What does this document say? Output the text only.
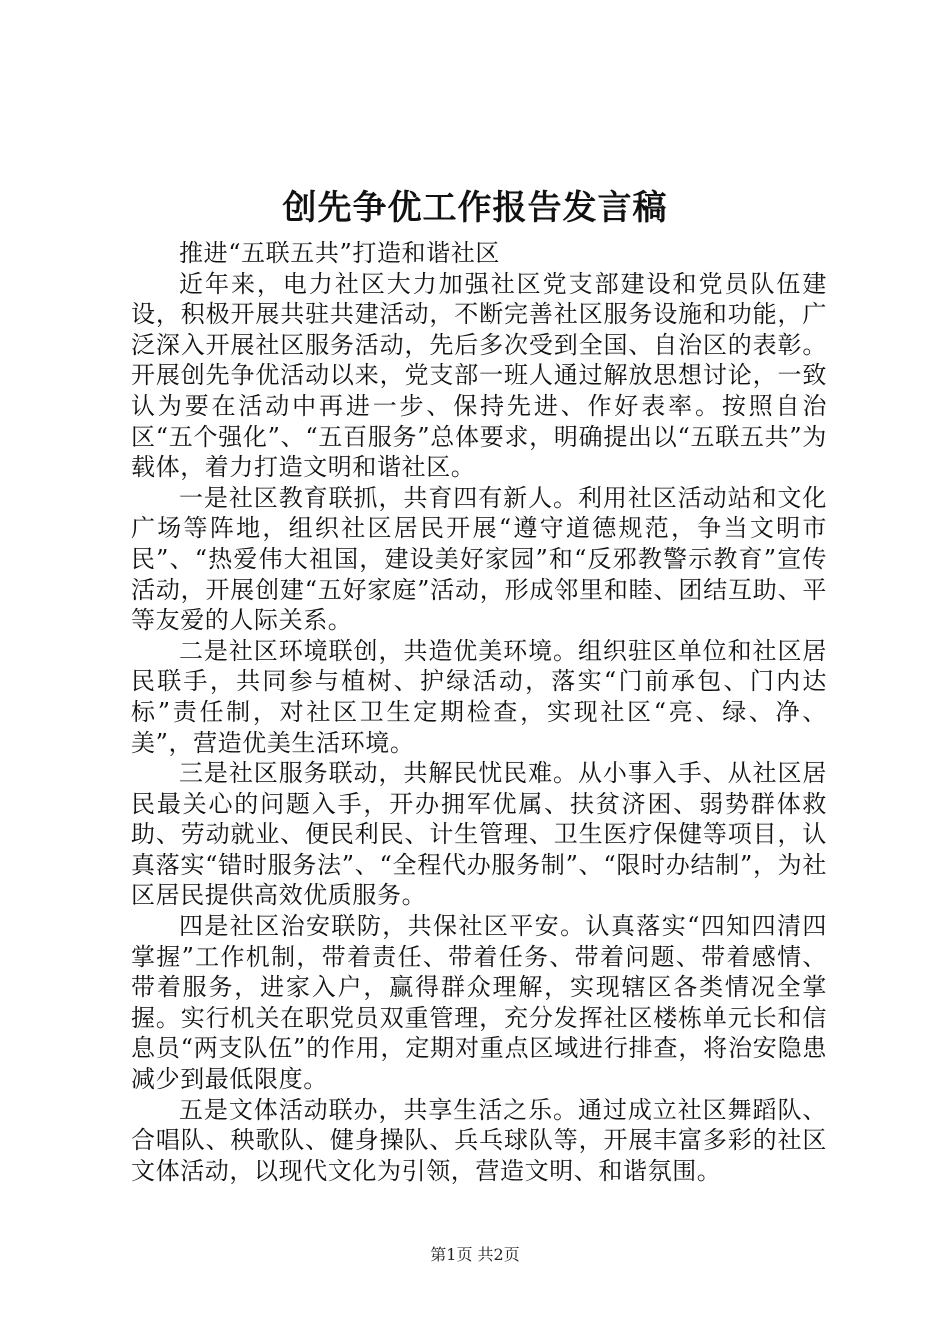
创先争优工作报告发言稿

推进“五联五共”打造和谐社区

近年来，电力社区大力加强社区党支部建设和党员队伍建设，积极开展共驻共建活动，不断完善社区服务设施和功能，广泛深入开展社区服务活动，先后多次受到全国、自治区的表彰。开展创先争优活动以来，党支部一班人通过解放思想讨论，一致认为要在活动中再进一步、保持先进、作好表率。按照自治区“五个强化”、“五百服务”总体要求，明确提出以“五联五共”为载体，着力打造文明和谐社区。

一是社区教育联抓，共育四有新人。利用社区活动站和文化广场等阵地，组织社区居民开展“遵守道德规范，争当文明市民”、“热爱伟大祖国，建设美好家园”和“反邪教警示教育”宣传活动，开展创建“五好家庭”活动，形成邻里和睦、团结互助、平等友爱的人际关系。

二是社区环境联创，共造优美环境。组织驻区单位和社区居民联手，共同参与植树、护绿活动，落实“门前承包、门内达标”责任制，对社区卫生定期检查，实现社区“亮、绿、净、美”，营造优美生活环境。

三是社区服务联动，共解民忧民难。从小事入手、从社区居民最关心的问题入手，开办拥军优属、扶贫济困、弱势群体救助、劳动就业、便民利民、计生管理、卫生医疗保健等项目，认真落实“错时服务法”、“全程代办服务制”、“限时办结制”，为社区居民提供高效优质服务。

四是社区治安联防，共保社区平安。认真落实“四知四清四掌握”工作机制，带着责任、带着任务、带着问题、带着感情、带着服务，进家入户，赢得群众理解，实现辖区各类情况全掌握。实行机关在职党员双重管理，充分发挥社区楼栋单元长和信息员“两支队伍”的作用，定期对重点区域进行排查，将治安隐患减少到最低限度。

五是文体活动联办，共享生活之乐。通过成立社区舞蹈队、合唱队、秧歌队、健身操队、兵乓球队等，开展丰富多彩的社区文体活动，以现代文化为引领，营造文明、和谐氛围。

第1页 共2页
